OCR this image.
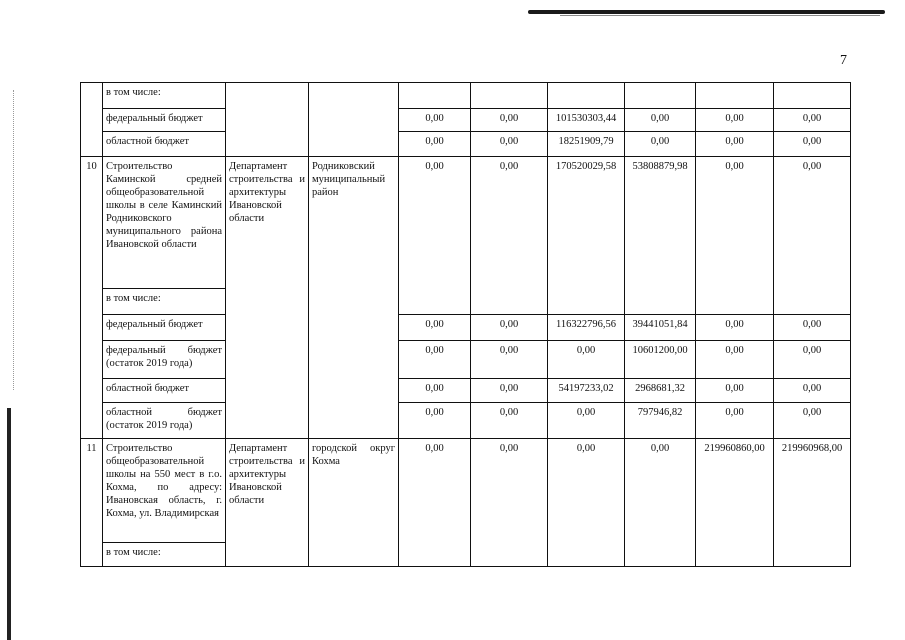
7
	в том числе:								
	федеральный бюджет			0,00	0,00	101530303,44	0,00	0,00	0,00
	областной бюджет			0,00	0,00	18251909,79	0,00	0,00	0,00
10	Строительство Каминской средней общеобразовательной школы в селе Каминский Родниковского муниципального района Ивановской области	Департамент строительства и архитектуры Ивановской области	Родниковский муниципальный район	0,00	0,00	170520029,58	53808879,98	0,00	0,00
	в том числе:								
	федеральный бюджет			0,00	0,00	116322796,56	39441051,84	0,00	0,00
	федеральный бюджет (остаток 2019 года)			0,00	0,00	0,00	10601200,00	0,00	0,00
	областной бюджет			0,00	0,00	54197233,02	2968681,32	0,00	0,00
	областной бюджет (остаток 2019 года)			0,00	0,00	0,00	797946,82	0,00	0,00
11	Строительство общеобразовательной школы на 550 мест в г.о. Кохма, по адресу: Ивановская область, г. Кохма, ул. Владимирская	Департамент строительства и архитектуры Ивановской области	городской округ Кохма	0,00	0,00	0,00	0,00	219960860,00	219960968,00
	в том числе:								
